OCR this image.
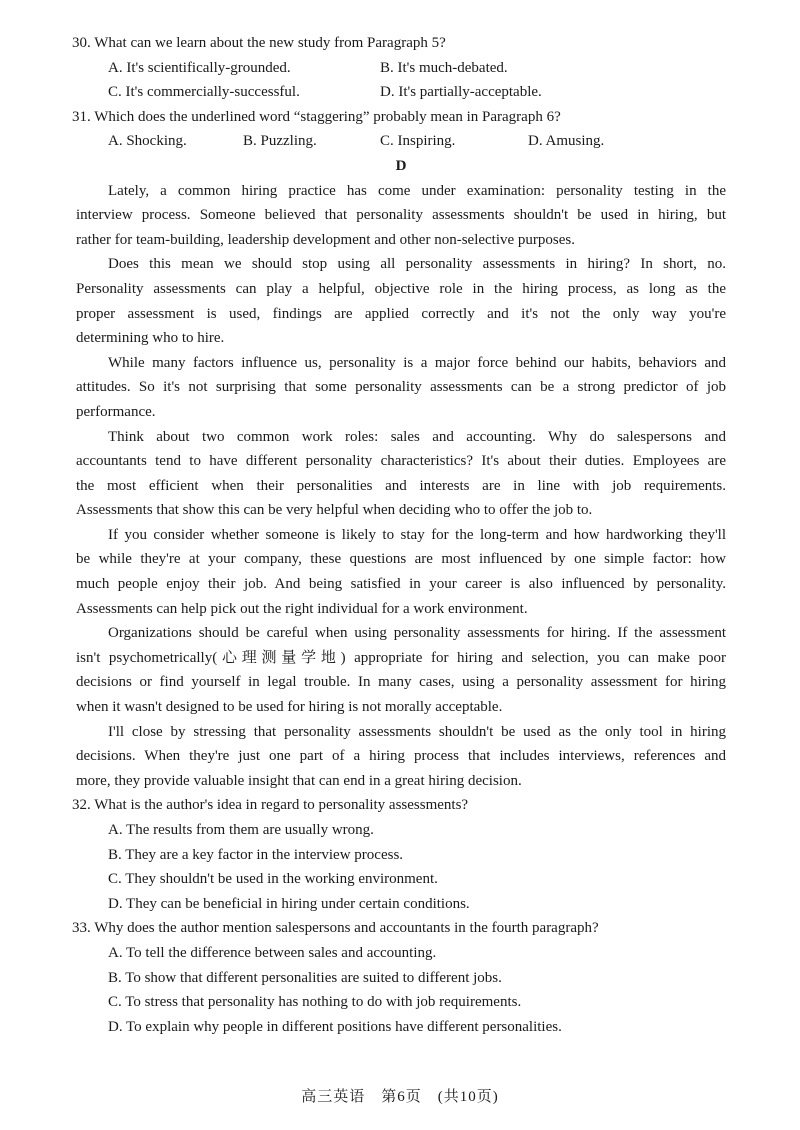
30. What can we learn about the new study from Paragraph 5?
A. It's scientifically-grounded.	B. It's much-debated.
C. It's commercially-successful.	D. It's partially-acceptable.
31. Which does the underlined word “staggering” probably mean in Paragraph 6?
A. Shocking.	B. Puzzling.	C. Inspiring.	D. Amusing.
D
Lately, a common hiring practice has come under examination: personality testing in the
interview process. Someone believed that personality assessments shouldn't be used in hiring, but
rather for team-building, leadership development and other non-selective purposes.
Does this mean we should stop using all personality assessments in hiring? In short, no.
Personality assessments can play a helpful, objective role in the hiring process, as long as the
proper assessment is used, findings are applied correctly and it's not the only way you're
determining who to hire.
While many factors influence us, personality is a major force behind our habits, behaviors and
attitudes. So it's not surprising that some personality assessments can be a strong predictor of job
performance.
Think about two common work roles: sales and accounting. Why do salespersons and
accountants tend to have different personality characteristics? It's about their duties. Employees are
the most efficient when their personalities and interests are in line with job requirements.
Assessments that show this can be very helpful when deciding who to offer the job to.
If you consider whether someone is likely to stay for the long-term and how hardworking they'll
be while they're at your company, these questions are most influenced by one simple factor: how
much people enjoy their job. And being satisfied in your career is also influenced by personality.
Assessments can help pick out the right individual for a work environment.
Organizations should be careful when using personality assessments for hiring. If the assessment
isn't psychometrically(心理测量学地) appropriate for hiring and selection, you can make poor
decisions or find yourself in legal trouble. In many cases, using a personality assessment for hiring
when it wasn't designed to be used for hiring is not morally acceptable.
I'll close by stressing that personality assessments shouldn't be used as the only tool in hiring
decisions. When they're just one part of a hiring process that includes interviews, references and
more, they provide valuable insight that can end in a great hiring decision.
32. What is the author's idea in regard to personality assessments?
A. The results from them are usually wrong.
B. They are a key factor in the interview process.
C. They shouldn't be used in the working environment.
D. They can be beneficial in hiring under certain conditions.
33. Why does the author mention salespersons and accountants in the fourth paragraph?
A. To tell the difference between sales and accounting.
B. To show that different personalities are suited to different jobs.
C. To stress that personality has nothing to do with job requirements.
D. To explain why people in different positions have different personalities.
高三英语　第6页　(共10页)
